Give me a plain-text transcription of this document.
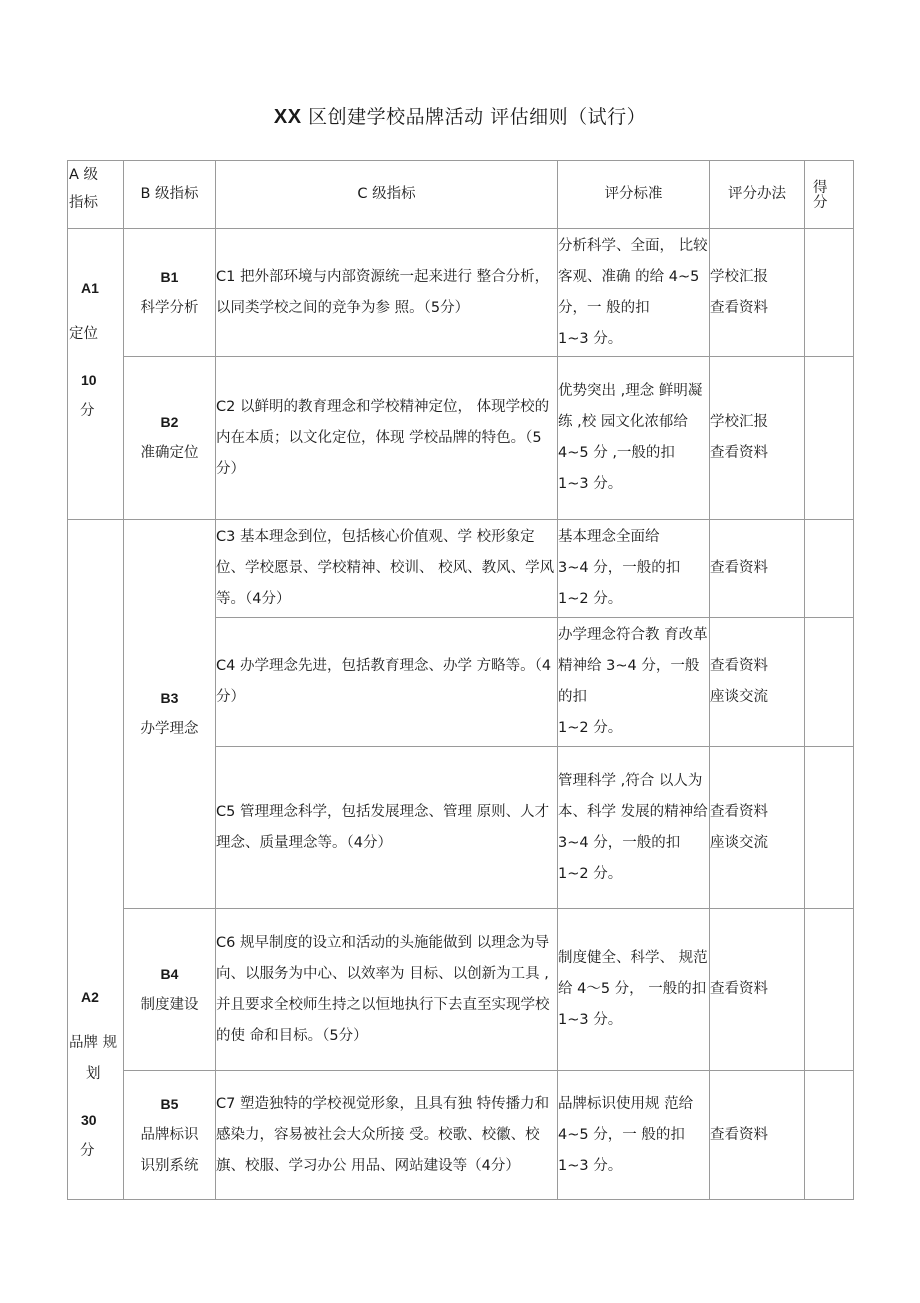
XX 区创建学校品牌活动 评估细则（试行）
A 级
指标	B 级指标	C 级指标	评分标准	评分办法	得
分

A1
定位
10
分	B1
科学分析	C1 把外部环境与内部资源统一起来进行 整合分析，以同类学校之间的竞争为参 照。（5分）	分析科学、全面， 比较客观、准确 的给 4~5 分，一 般的扣
1~3 分。	学校汇报
查看资料	

	B2
准确定位	C2 以鲜明的教育理念和学校精神定位， 体现学校的内在本质；以文化定位，体现 学校品牌的特色。（5分）	优势突出 ,理念 鲜明凝练 ,校 园文化浓郁给 4~5 分 ,一般的扣
1~3 分。	学校汇报
查看资料	

A2
品牌 规
划
30
分	B3
办学理念	C3 基本理念到位，包括核心价值观、学 校形象定位、学校愿景、学校精神、校训、 校风、教风、学风等。（4分）	基本理念全面给
3~4 分，一般的扣
1~2 分。	查看资料	
		C4 办学理念先进，包括教育理念、办学 方略等。（4分）	办学理念符合教 育改革精神给 3~4 分，一般的扣
1~2 分。	查看资料
座谈交流	
		C5 管理理念科学，包括发展理念、管理 原则、人才理念、质量理念等。（4分）	管理科学 ,符合 以人为本、科学 发展的精神给 3~4 分，一般的扣
1~2 分。	查看资料
座谈交流	

	B4
制度建设	C6 规早制度的设立和活动的头施能做到 以理念为导向、以服务为中心、以效率为 目标、以创新为工具 ,并且要求全校师生持之以恒地执行下去直至实现学校的使 命和目标。（5分）	制度健全、科学、 规范给 4〜5 分， 一般的扣 1~3 分。	查看资料	

	B5
品牌标识
识别系统	C7 塑造独特的学校视觉形象，且具有独 特传播力和感染力，容易被社会大众所接 受。校歌、校徽、校旗、校服、学习办公 用品、网站建设等（4分）	品牌标识使用规 范给 4~5 分，一 般的扣 1~3 分。	查看资料	
